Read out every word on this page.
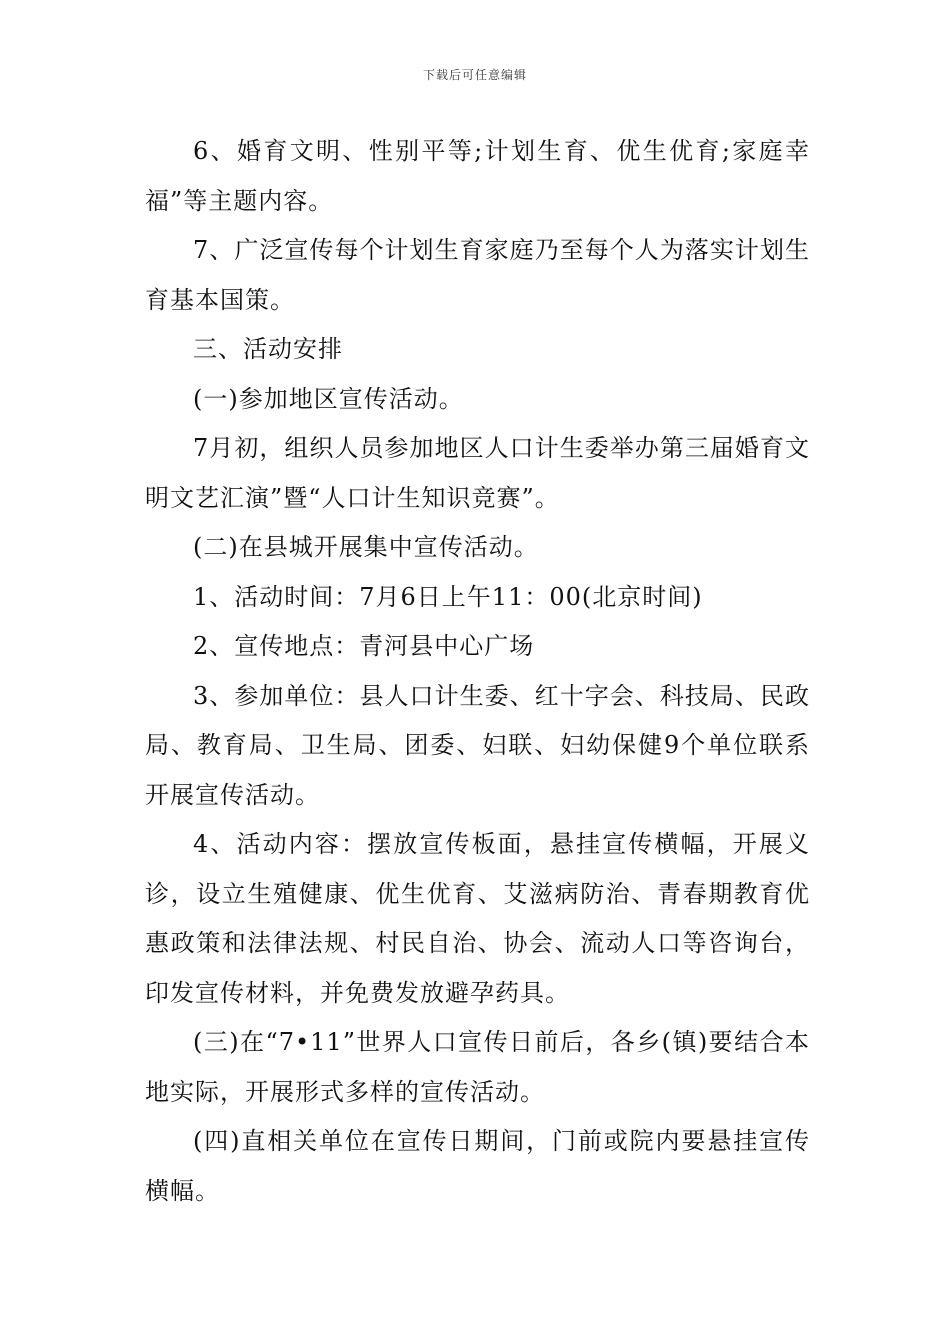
下载后可任意编辑

6、婚育文明、性别平等;计划生育、优生优育;家庭幸福”等主题内容。

7、广泛宣传每个计划生育家庭乃至每个人为落实计划生育基本国策。

三、活动安排

(一)参加地区宣传活动。

7月初，组织人员参加地区人口计生委举办第三届婚育文明文艺汇演”暨“人口计生知识竞赛”。

(二)在县城开展集中宣传活动。

1、活动时间：7月6日上午11：00(北京时间)

2、宣传地点：青河县中心广场

3、参加单位：县人口计生委、红十字会、科技局、民政局、教育局、卫生局、团委、妇联、妇幼保健9个单位联系开展宣传活动。

4、活动内容：摆放宣传板面，悬挂宣传横幅，开展义诊，设立生殖健康、优生优育、艾滋病防治、青春期教育优惠政策和法律法规、村民自治、协会、流动人口等咨询台，印发宣传材料，并免费发放避孕药具。

(三)在“7•11”世界人口宣传日前后，各乡(镇)要结合本地实际，开展形式多样的宣传活动。

(四)直相关单位在宣传日期间，门前或院内要悬挂宣传横幅。
